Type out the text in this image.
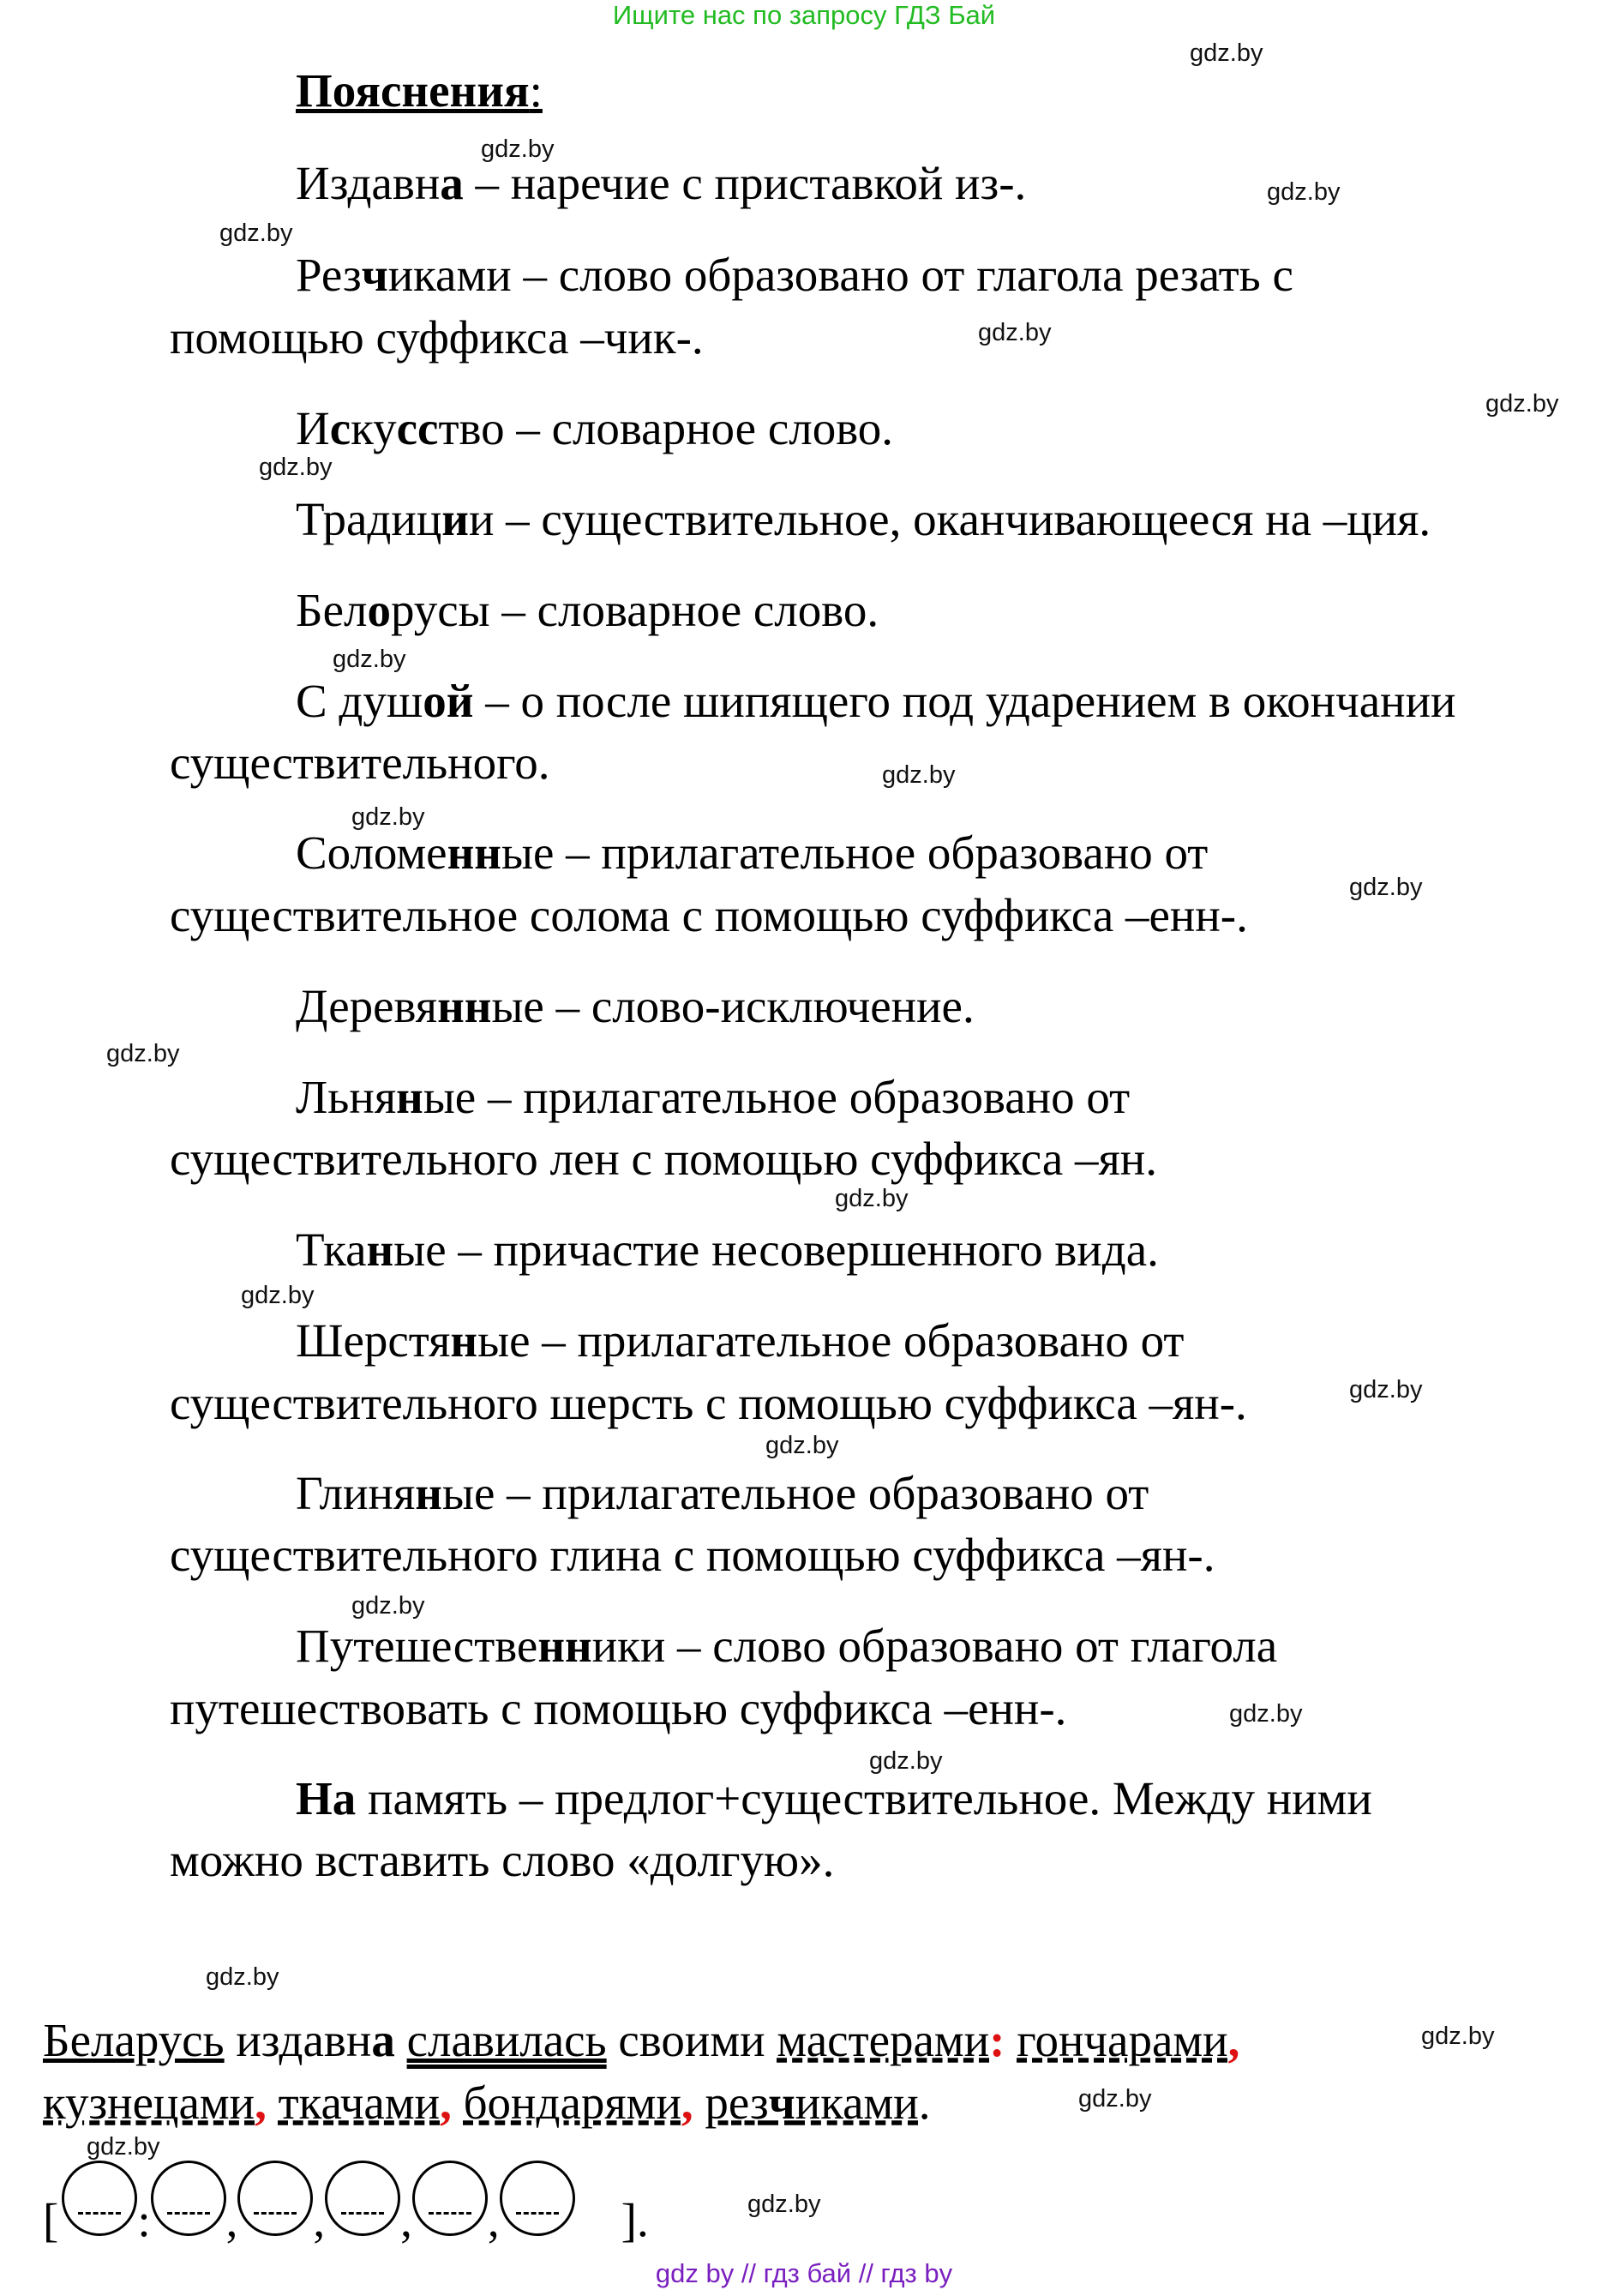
Ищите нас по запросу ГДЗ Бай
gdz.by
gdz.by
gdz.by
gdz.by
gdz.by
gdz.by
gdz.by
gdz.by
gdz.by
gdz.by
gdz.by
gdz.by
gdz.by
gdz.by
gdz.by
gdz.by
gdz.by
gdz.by
gdz.by
gdz.by
gdz.by
gdz.by
gdz.by
gdz.by
Пояснения:
Издавна – наречие с приставкой из-.
Резчиками – слово образовано от глагола резать с
помощью суффикса –чик-.
Искусство – словарное слово.
Традиции – существительное, оканчивающееся на –ция.
Белорусы – словарное слово.
С душой – о после шипящего под ударением в окончании
существительного.
Соломенные – прилагательное образовано от
существительное солома с помощью суффикса –енн-.
Деревянные – слово-исключение.
Льняные – прилагательное образовано от
существительного лен с помощью суффикса –ян.
Тканые – причастие несовершенного вида.
Шерстяные – прилагательное образовано от
существительного шерсть с помощью суффикса –ян-.
Глиняные – прилагательное образовано от
существительного глина с помощью суффикса –ян-.
Путешественники – слово образовано от глагола
путешествовать с помощью суффикса –енн-.
На память – предлог+существительное. Между ними
можно вставить слово «долгую».
Беларусь издавна славилась своими мастерами: гончарами,
кузнецами, ткачами, бондарями, резчиками.
[ : , , , ,	].
gdz by // гдз бай // гдз by
